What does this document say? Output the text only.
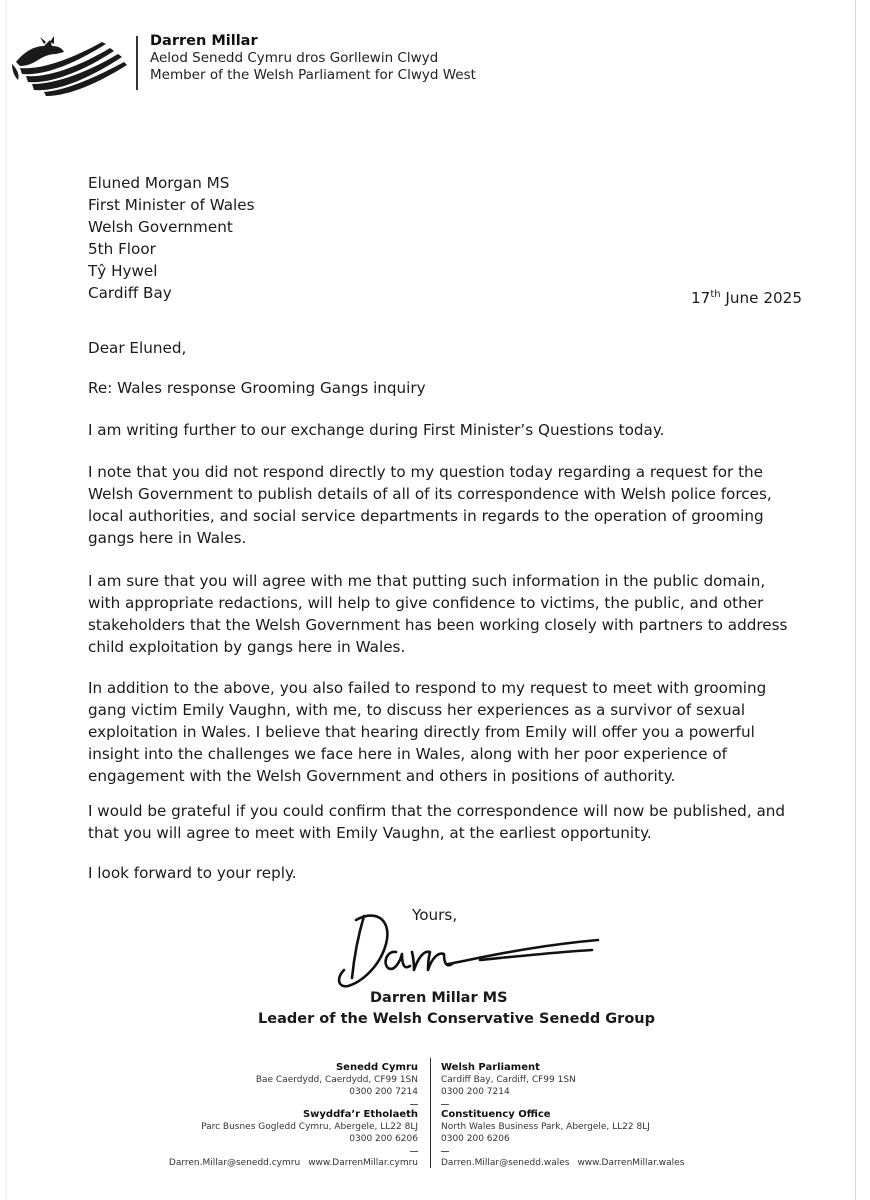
Darren Millar
Aelod Senedd Cymru dros Gorllewin Clwyd
Member of the Welsh Parliament for Clwyd West
Eluned Morgan MS
First Minister of Wales
Welsh Government
5th Floor
Tŷ Hywel
Cardiff Bay	17th June 2025
Dear Eluned,
Re: Wales response Grooming Gangs inquiry
I am writing further to our exchange during First Minister’s Questions today.
I note that you did not respond directly to my question today regarding a request for the Welsh Government to publish details of all of its correspondence with Welsh police forces, local authorities, and social service departments in regards to the operation of grooming gangs here in Wales.
I am sure that you will agree with me that putting such information in the public domain, with appropriate redactions, will help to give confidence to victims, the public, and other stakeholders that the Welsh Government has been working closely with partners to address child exploitation by gangs here in Wales.
In addition to the above, you also failed to respond to my request to meet with grooming gang victim Emily Vaughn, with me, to discuss her experiences as a survivor of sexual exploitation in Wales. I believe that hearing directly from Emily will offer you a powerful insight into the challenges we face here in Wales, along with her poor experience of engagement with the Welsh Government and others in positions of authority.
I would be grateful if you could confirm that the correspondence will now be published, and that you will agree to meet with Emily Vaughn, at the earliest opportunity.
I look forward to your reply.
Yours,
Darren Millar MS
Leader of the Welsh Conservative Senedd Group
Senedd Cymru
Bae Caerdydd, Caerdydd, CF99 1SN
0300 200 7214
Welsh Parliament
Cardiff Bay, Cardiff, CF99 1SN
0300 200 7214
Swyddfa’r Etholaeth
Parc Busnes Gogledd Cymru, Abergele, LL22 8LJ
0300 200 6206
Constituency Office
North Wales Business Park, Abergele, LL22 8LJ
0300 200 6206
Darren.Millar@senedd.cymru www.DarrenMillar.cymru	Darren.Millar@senedd.wales www.DarrenMillar.wales
